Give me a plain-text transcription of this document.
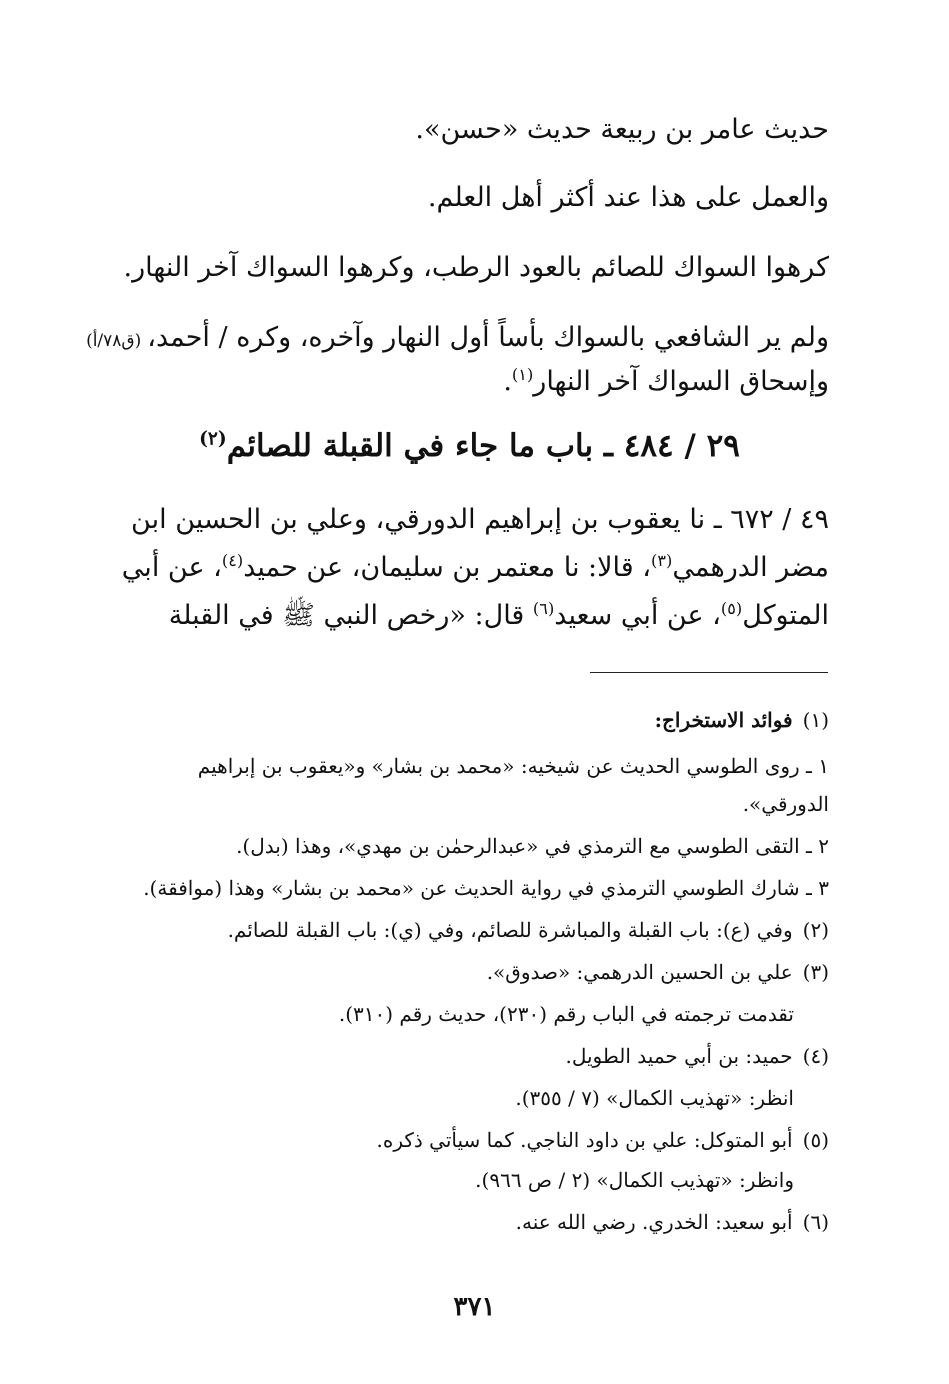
حديث عامر بن ربيعة حديث «حسن».
والعمل على هذا عند أكثر أهل العلم.
كرهوا السواك للصائم بالعود الرطب، وكرهوا السواك آخر النهار.
ولم ير الشافعي بالسواك بأساً أول النهار وآخره، وكره / أحمد،(ق٧٨/أ)
وإسحاق السواك آخر النهار$^{(١)}$.
٢٩ / ٤٨٤ ـ باب ما جاء في القبلة للصائم$^{(٢)}$
٤٩ / ٦٧٢ ـ نا يعقوب بن إبراهيم الدورقي، وعلي بن الحسين ابن
مضر الدرهمي$^{(٣)}$، قالا: نا معتمر بن سليمان، عن حميد$^{(٤)}$، عن أبي
المتوكل$^{(٥)}$، عن أبي سعيد$^{(٦)}$ قال: «رخص النبي ﷺ في القبلة
(١)فوائد الاستخراج:
١ ـ روى الطوسي الحديث عن شيخيه: «محمد بن بشار» و«يعقوب بن إبراهيم
الدورقي».
٢ ـ التقى الطوسي مع الترمذي في «عبدالرحمٰن بن مهدي»، وهذا (بدل).
٣ ـ شارك الطوسي الترمذي في رواية الحديث عن «محمد بن بشار» وهذا (موافقة).
(٢)وفي (ع): باب القبلة والمباشرة للصائم، وفي (ي): باب القبلة للصائم.
(٣)علي بن الحسين الدرهمي: «صدوق».
تقدمت ترجمته في الباب رقم (٢٣٠)، حديث رقم (٣١٠).
(٤)حميد: بن أبي حميد الطويل.
انظر: «تهذيب الكمال» (٧ / ٣٥٥).
(٥)أبو المتوكل: علي بن داود الناجي. كما سيأتي ذكره.
وانظر: «تهذيب الكمال» (٢ / ص ٩٦٦).
(٦)أبو سعيد: الخدري. رضي الله عنه.
٣٧١
